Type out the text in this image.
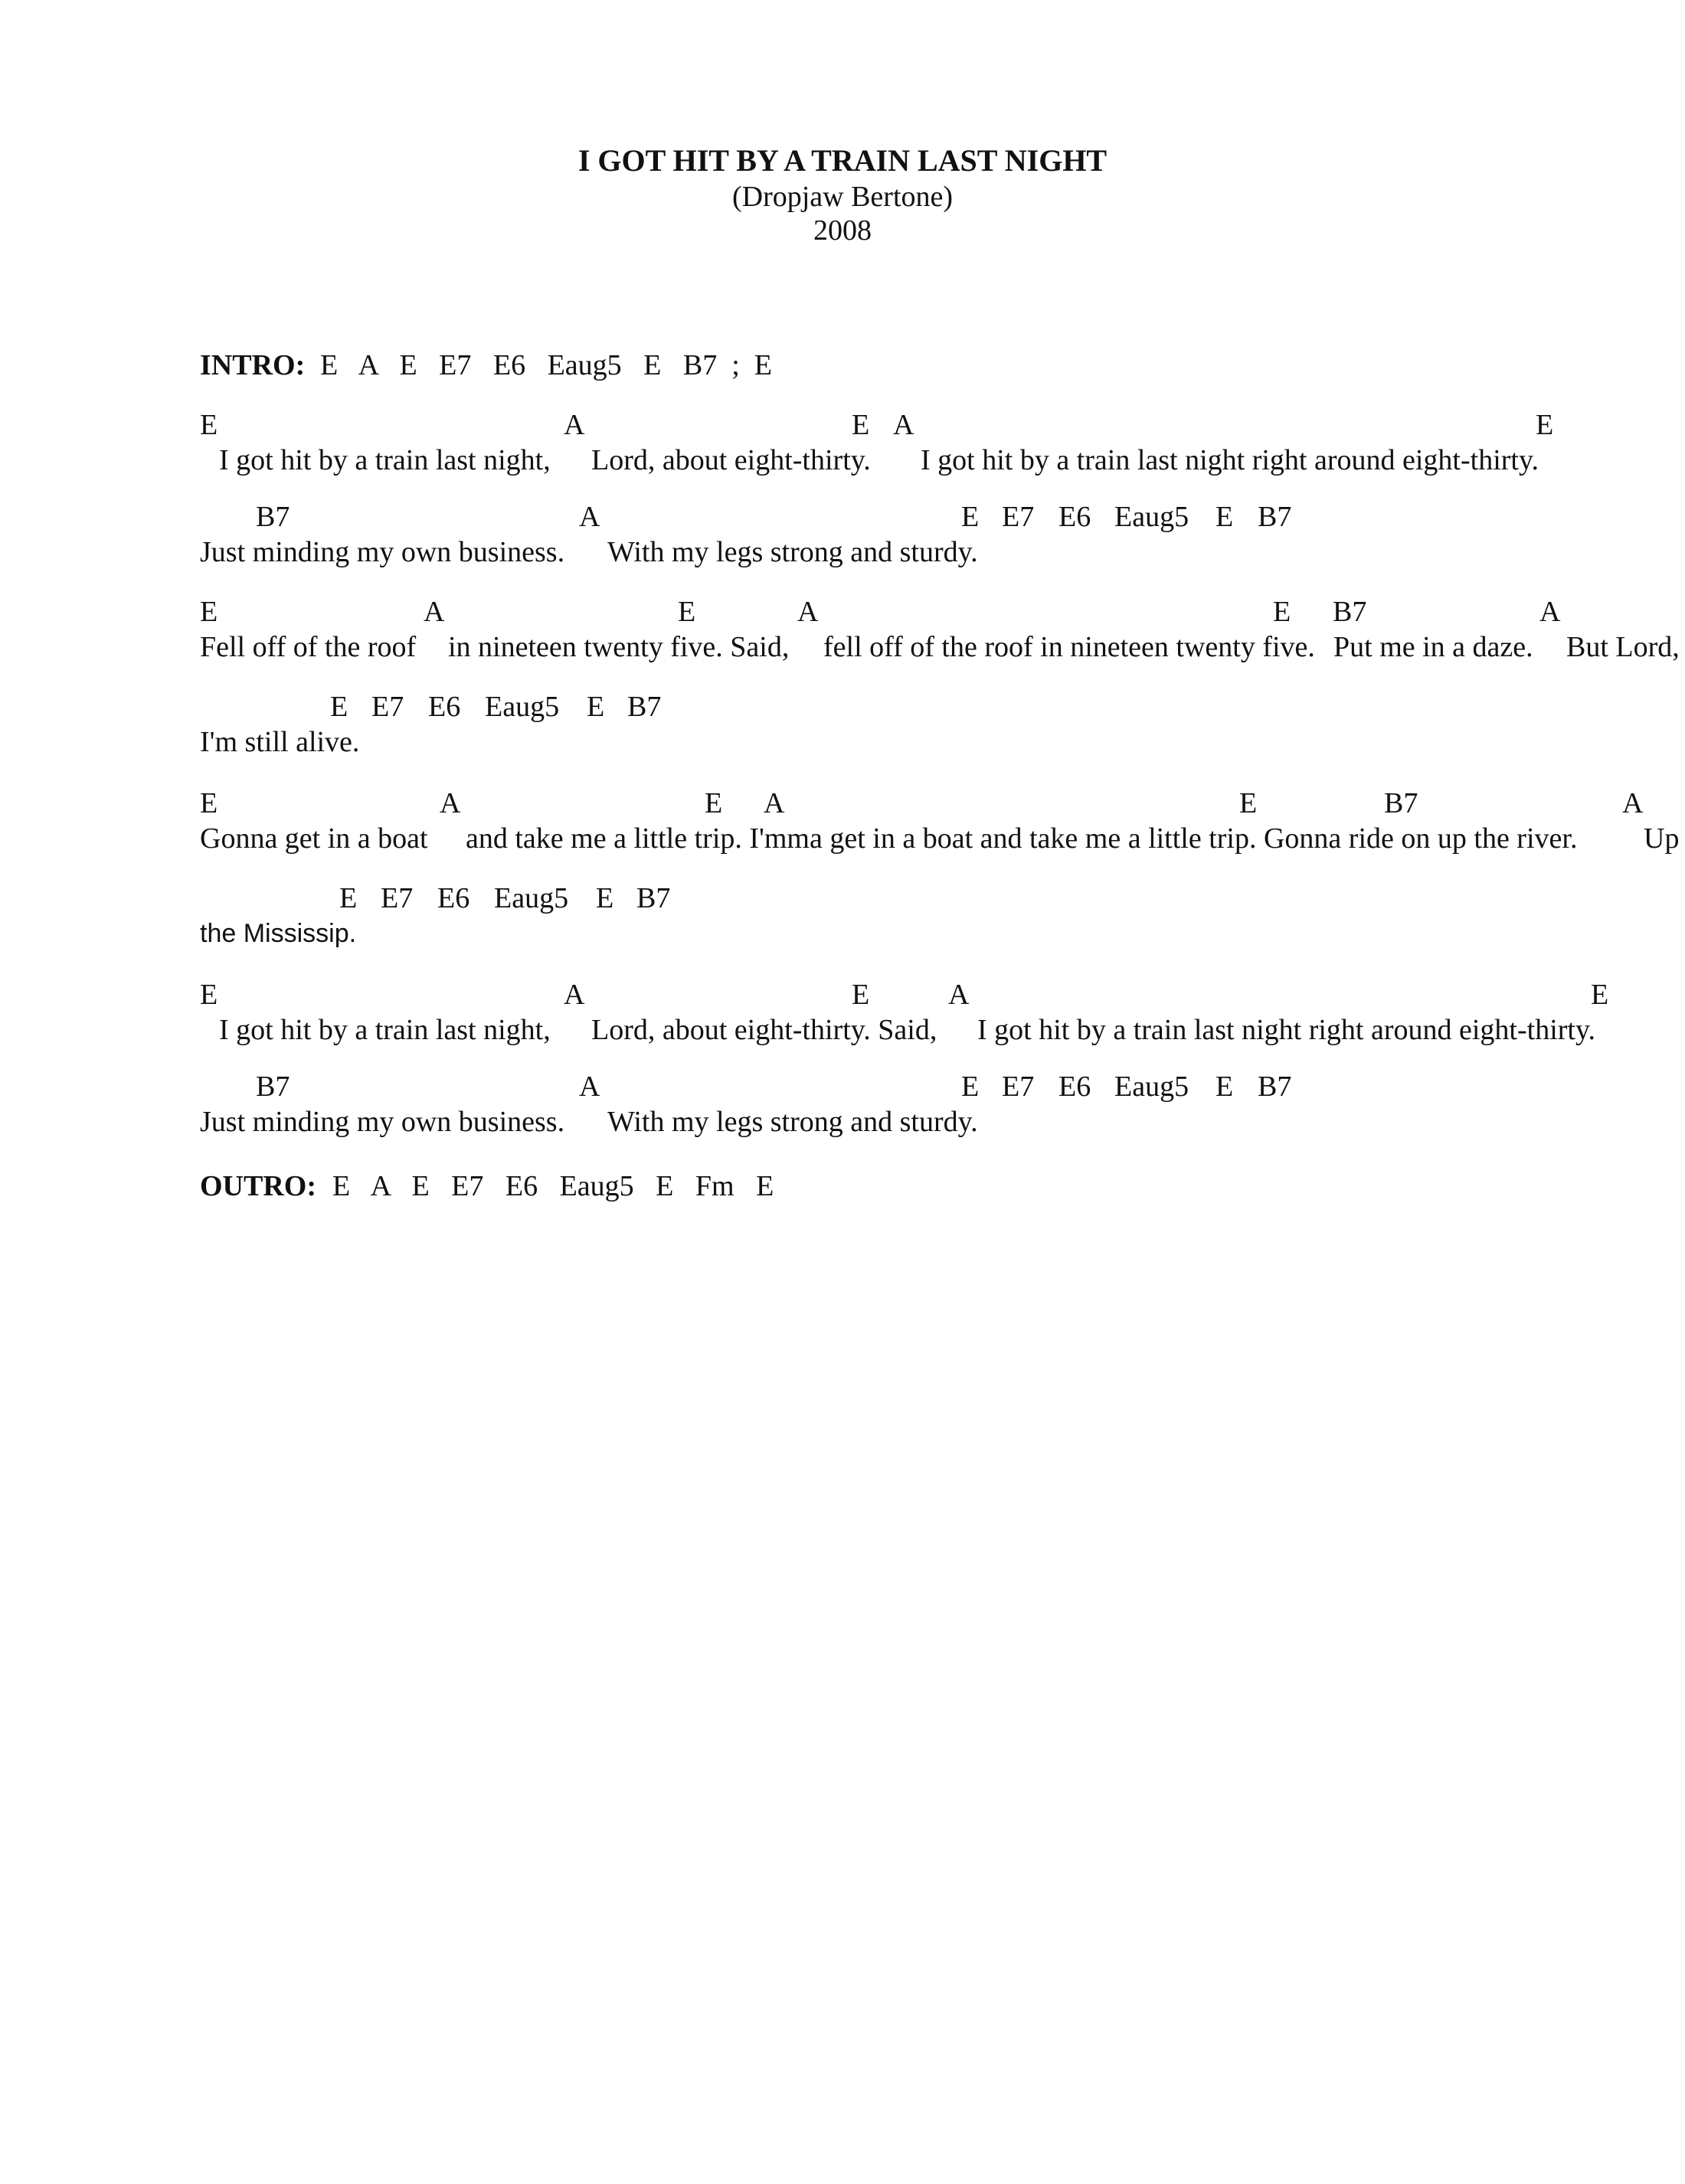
I GOT HIT BY A TRAIN LAST NIGHT
(Dropjaw Bertone)
2008
INTRO: E   A   E   E7   E6   Eaug5   E   B7  ;  E
E	A	E A	E
I got hit by a train last night, Lord, about eight-thirty. I got hit by a train last night right around eight-thirty.
B7	A	E E7 E6 Eaug5 E B7
Just minding my own business. With my legs strong and sturdy.
E	A	E	A	E B7	A
Fell off of the roof in nineteen twenty five. Said, fell off of the roof in nineteen twenty five. Put me in a daze. But Lord,
E E7 E6 Eaug5 E B7
I'm still alive.
E	A	E A	E	B7	A
Gonna get in a boat and take me a little trip. I'mma get in a boat and take me a little trip. Gonna ride on up the river. Up
E E7 E6 Eaug5 E B7
the Mississip.
E	A	E	A	E
I got hit by a train last night, Lord, about eight-thirty. Said, I got hit by a train last night right around eight-thirty.
B7	A	E E7 E6 Eaug5 E B7
Just minding my own business. With my legs strong and sturdy.
OUTRO: E   A   E   E7   E6   Eaug5   E   Fm   E
